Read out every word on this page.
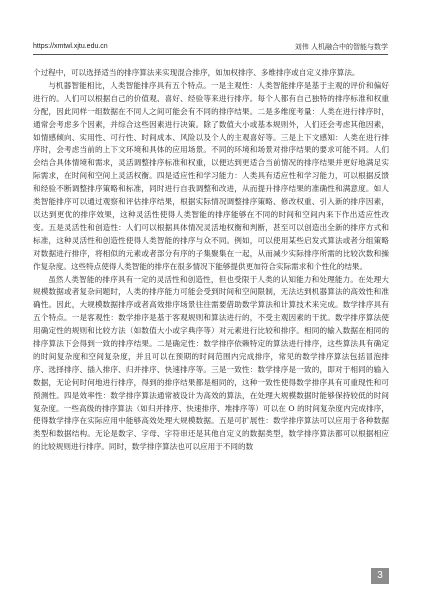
https://xmtwl.xjtu.edu.cn	刘伟 人机融合中的智能与数学

个过程中，可以选择适当的排序算法来实现混合排序，如加权排序、多维排序或自定义排序算法。

与机器智能相比，人类智能排序具有五个特点。一是主观性：人类智能排序是基于主观的评价和偏好进行的。人们可以根据自己的价值观、喜好、经验等来进行排序。每个人都有自己独特的排序标准和权重分配，因此同样一组数据在不同人之间可能会有不同的排序结果。二是多维度考量：人类在进行排序时，通常会考虑多个因素，并综合这些因素进行决策。除了数值大小或基本规则外，人们还会考虑其他因素，如情感倾向、实用性、可行性、时间成本、风险以及个人的主观喜好等。三是上下文感知：人类在进行排序时，会考虑当前的上下文环境和具体的应用场景。不同的环境和场景对排序结果的要求可能不同。人们会结合具体情境和需求，灵活调整排序标准和权重，以便达到更适合当前情况的排序结果并更好地满足实际需求，在时间和空间上灵活权衡。四是适应性和学习能力：人类具有适应性和学习能力，可以根据反馈和经验不断调整排序策略和标准，同时进行自我调整和改进，从而提升排序结果的准确性和满意度。如人类智能排序可以通过观察和评估排序结果，根据实际情况调整排序策略、修改权重、引入新的排序因素，以达到更优的排序效果，这种灵活性使得人类智能的排序能够在不同的时间和空间内来下作出适应性改变。五是灵活性和创造性：人们可以根据具体情况灵活地权衡和判断，甚至可以创造出全新的排序方式和标准，这种灵活性和创造性使得人类智能的排序与众不同。例如，可以使用某些启发式算法或者分组策略对数据进行排序，将相似的元素或者部分有序的子集聚集在一起，从而减少实际排序所需的比较次数和操作复杂度。这些特点使得人类智能的排序在很多情况下能够提供更加符合实际需求和个性化的结果。

虽然人类智能的排序具有一定的灵活性和创造性，但也受限于人类的认知能力和处理能力。在处理大规模数据或者复杂问题时，人类的排序能力可能会受到时间和空间限制，无法达到机器算法的高效性和准确性。因此，大规模数据排序或者高效排序场景往往需要借助数学算法和计算技术来完成。数学排序具有五个特点。一是客观性：数学排序是基于客观规则和算法进行的，不受主观因素的干扰。数学排序算法使用确定性的规则和比较方法（如数值大小或字典序等）对元素进行比较和排序。相同的输入数据在相同的排序算法下会得到一致的排序结果。二是确定性：数学排序依赖特定的算法进行排序，这些算法具有确定的时间复杂度和空间复杂度，并且可以在预期的时间范围内完成排序，常见的数学排序算法包括冒泡排序、选择排序、插入排序、归并排序、快速排序等。三是一致性：数学排序是一致的，即对于相同的输入数据，无论何时何地进行排序，得到的排序结果都是相同的，这种一致性使得数学排序具有可重现性和可预测性。四是效率性：数学排序算法通常被设计为高效的算法，在处理大规模数据时能够保持较低的时间复杂度。一些高级的排序算法（如归并排序、快速排序、堆排序等）可以在 O 的时间复杂度内完成排序，使得数学排序在实际应用中能够高效处理大规模数据。五是可扩展性：数学排序算法可以应用于各种数据类型和数据结构。无论是数字、字母、字符串还是其他自定义的数据类型，数学排序算法都可以根据相应的比较规则进行排序。同时，数学排序算法也可以应用于不同的数

3
